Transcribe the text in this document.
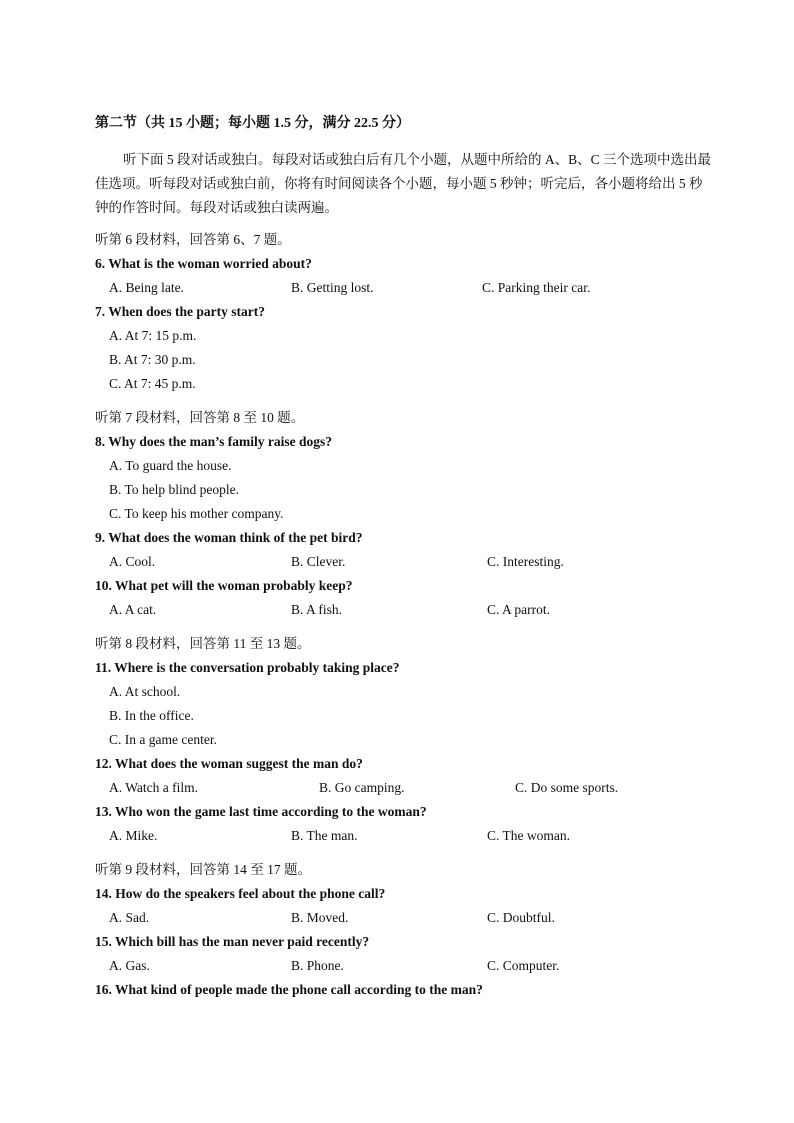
第二节（共 15 小题；每小题 1.5 分，满分 22.5 分）
听下面 5 段对话或独白。每段对话或独白后有几个小题，从题中所给的 A、B、C 三个选项中选出最佳选项。听每段对话或独白前，你将有时间阅读各个小题，每小题 5 秒钟；听完后，各小题将给出 5 秒钟的作答时间。每段对话或独白读两遍。
听第 6 段材料，回答第 6、7 题。
6. What is the woman worried about?
A. Being late.	B. Getting lost.	C. Parking their car.
7. When does the party start?
A. At 7: 15 p.m.
B. At 7: 30 p.m.
C. At 7: 45 p.m.
听第 7 段材料，回答第 8 至 10 题。
8. Why does the man’s family raise dogs?
A. To guard the house.
B. To help blind people.
C. To keep his mother company.
9. What does the woman think of the pet bird?
A. Cool.	B. Clever.	C. Interesting.
10. What pet will the woman probably keep?
A. A cat.	B. A fish.	C. A parrot.
听第 8 段材料，回答第 11 至 13 题。
11. Where is the conversation probably taking place?
A. At school.
B. In the office.
C. In a game center.
12. What does the woman suggest the man do?
A. Watch a film.	B. Go camping.	C. Do some sports.
13. Who won the game last time according to the woman?
A. Mike.	B. The man.	C. The woman.
听第 9 段材料，回答第 14 至 17 题。
14. How do the speakers feel about the phone call?
A. Sad.	B. Moved.	C. Doubtful.
15. Which bill has the man never paid recently?
A. Gas.	B. Phone.	C. Computer.
16. What kind of people made the phone call according to the man?
